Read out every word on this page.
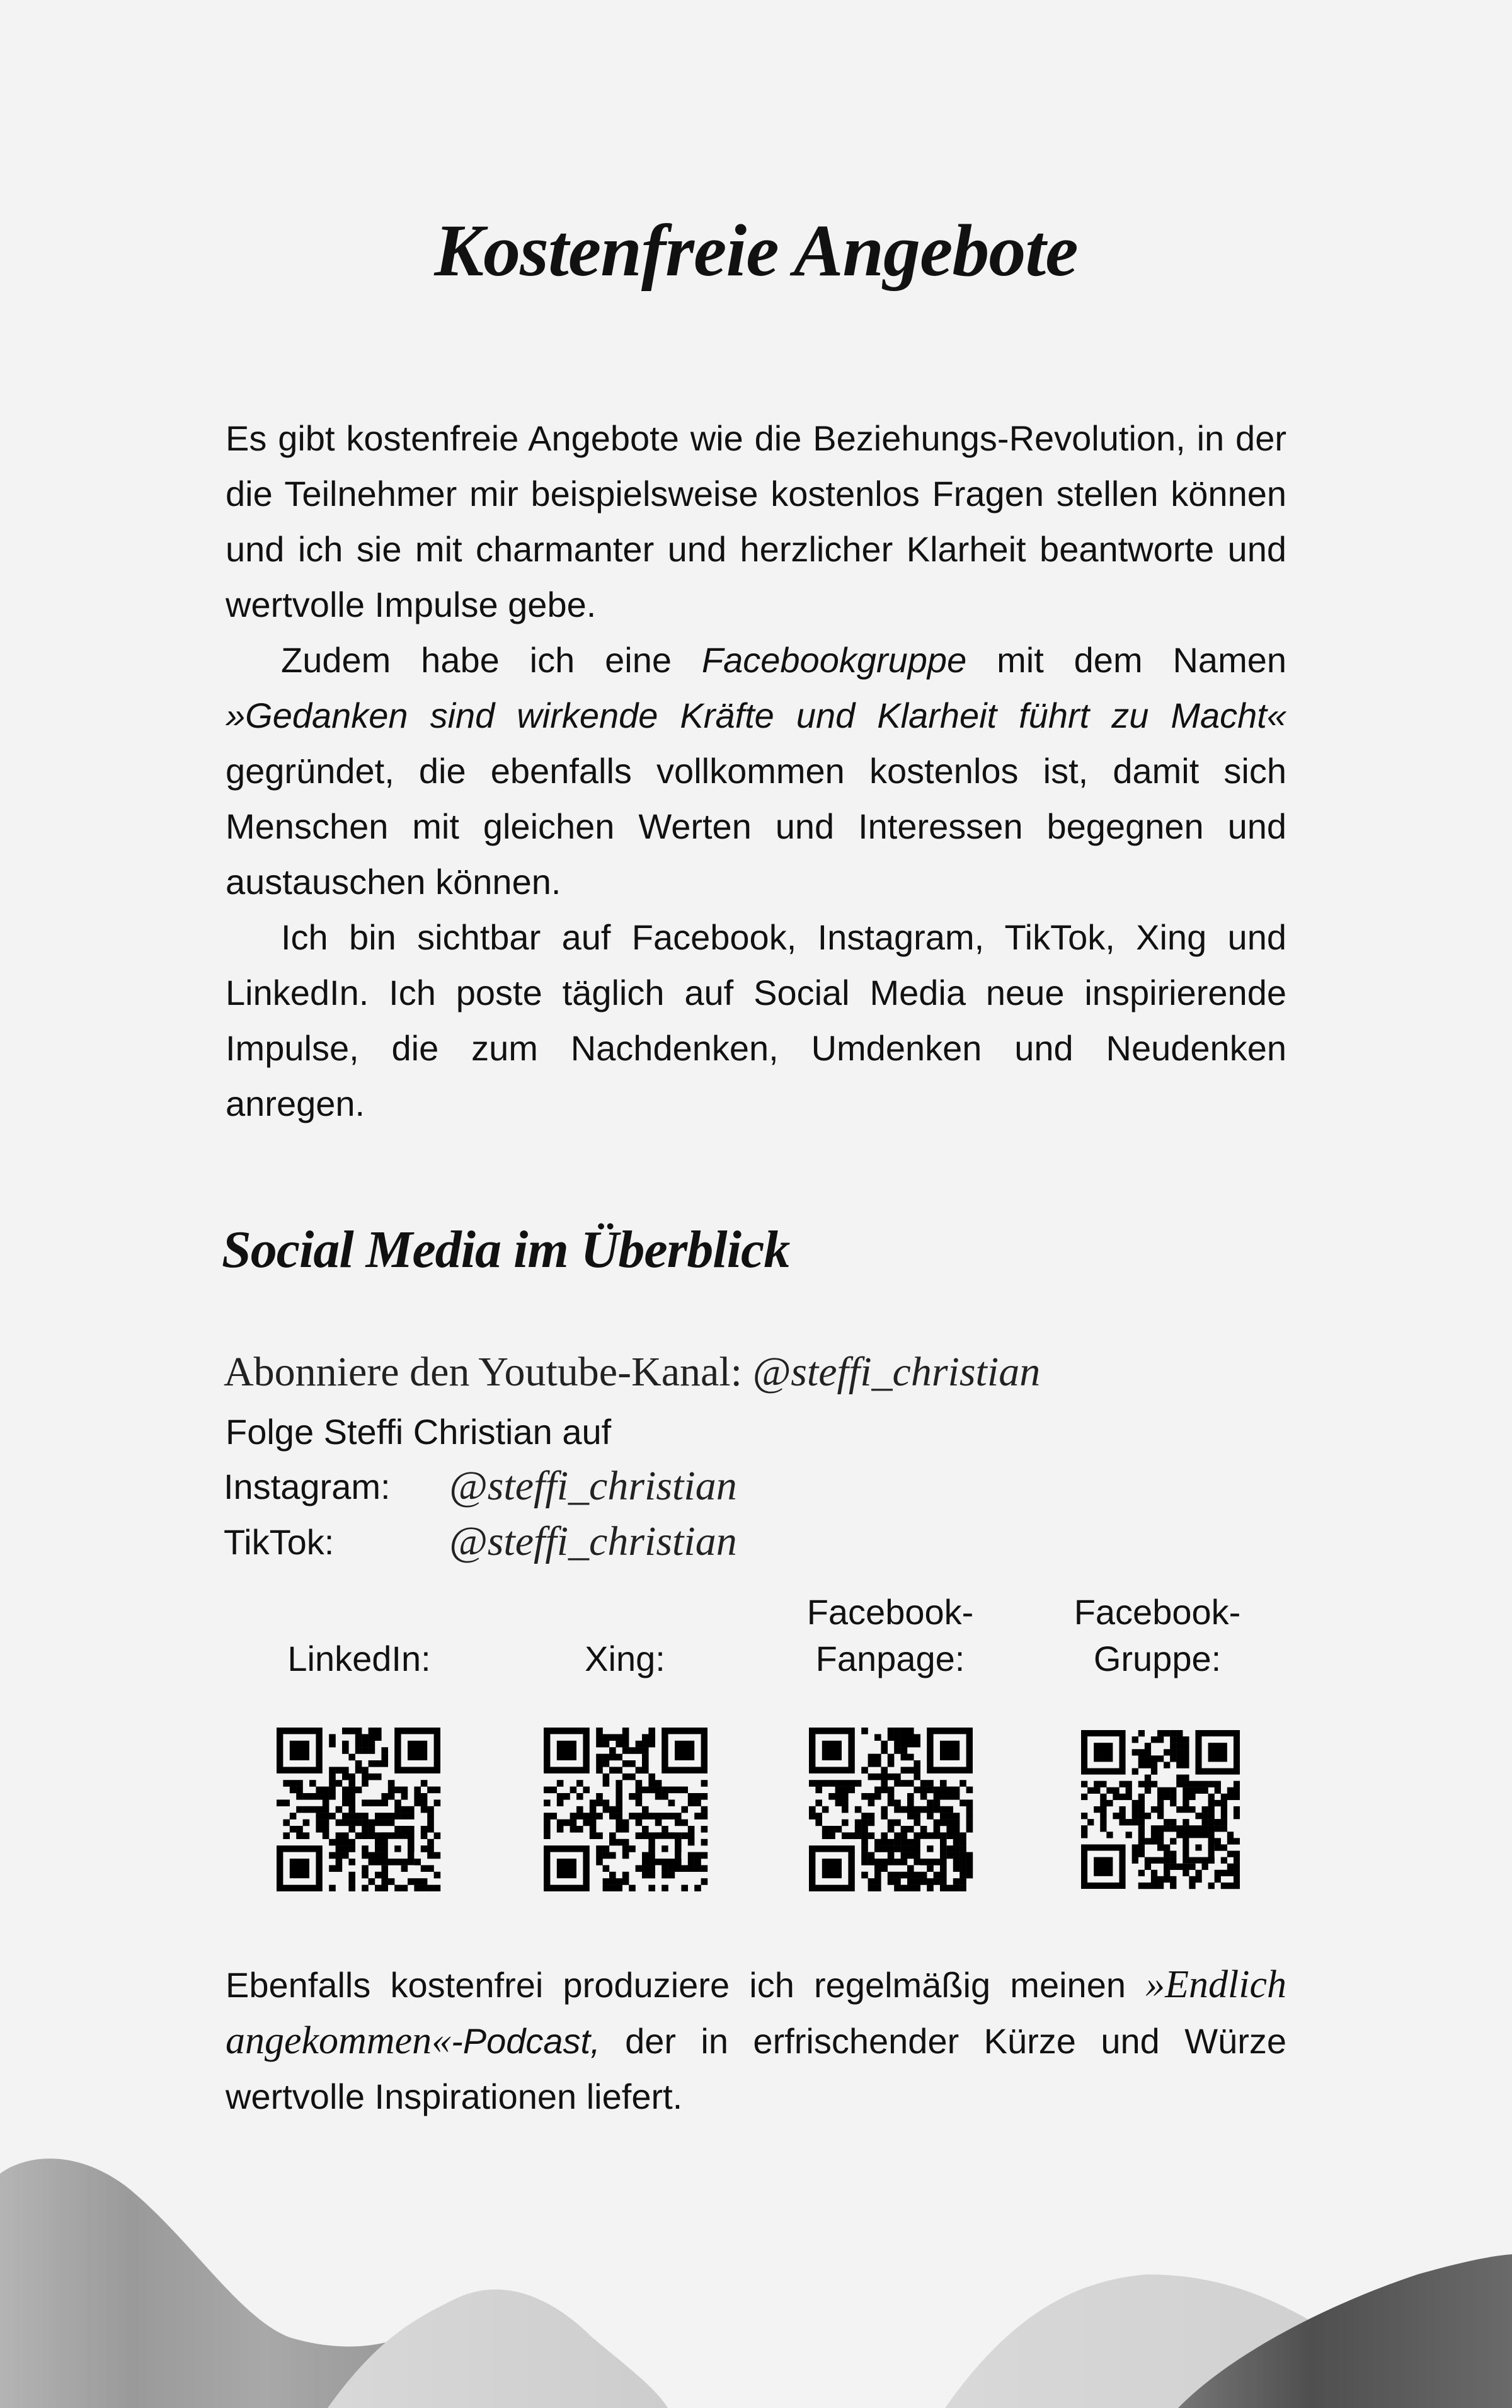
Kostenfreie Angebote

Es gibt kostenfreie Angebote wie die Beziehungs-Revolution, in der die Teilnehmer mir beispielsweise kostenlos Fragen stellen können und ich sie mit charmanter und herzlicher Klarheit beantworte und wertvolle Impulse gebe.

Zudem habe ich eine Facebookgruppe mit dem Namen »Gedanken sind wirkende Kräfte und Klarheit führt zu Macht« gegründet, die ebenfalls vollkommen kostenlos ist, damit sich Menschen mit gleichen Werten und Interessen begegnen und austauschen können.

Ich bin sichtbar auf Facebook, Instagram, TikTok, Xing und LinkedIn. Ich poste täglich auf Social Media neue inspirierende Impulse, die zum Nachdenken, Umdenken und Neudenken anregen.

Social Media im Überblick
Abonniere den Youtube-Kanal: @steffi_christian
Folge Steffi Christian auf
Instagram: @steffi_christian
TikTok:	@steffi_christian
LinkedIn:	Xing:
Facebook-
Fanpage:
Facebook-
Gruppe:

Ebenfalls kostenfrei produziere ich regelmäßig meinen »Endlich angekommen«-Podcast, der in erfrischender Kürze und Würze wertvolle Inspirationen liefert.
